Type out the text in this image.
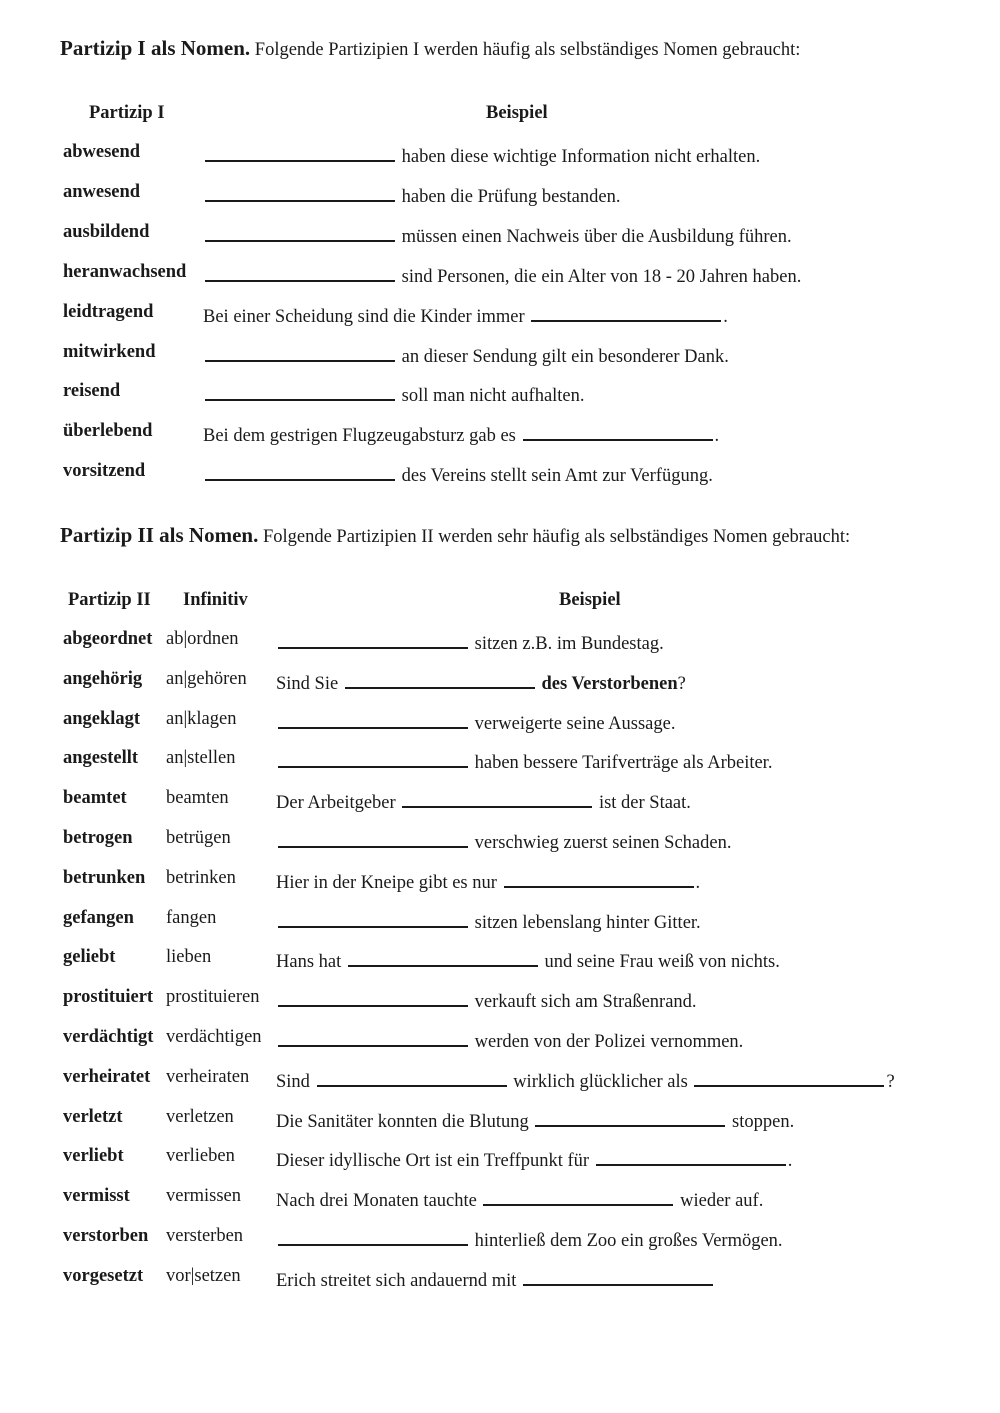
Partizip I als Nomen. Folgende Partizipien I werden häufig als selbständiges Nomen gebraucht:
Partizip I	Beispiel
abwesend	haben diese wichtige Information nicht erhalten.
anwesend	haben die Prüfung bestanden.
ausbildend	müssen einen Nachweis über die Ausbildung führen.
heranwachsend	sind Personen, die ein Alter von 18 - 20 Jahren haben.
leidtragend	Bei einer Scheidung sind die Kinder immer	.
mitwirkend	an dieser Sendung gilt ein besonderer Dank.
reisend	soll man nicht aufhalten.
überlebend	Bei dem gestrigen Flugzeugabsturz gab es	.
vorsitzend	des Vereins stellt sein Amt zur Verfügung.
Partizip II als Nomen. Folgende Partizipien II werden sehr häufig als selbständiges Nomen gebraucht:
Partizip II Infinitiv	Beispiel
abgeordnet ab|ordnen	sitzen z.B. im Bundestag.
angehörig an|gehören Sind Sie	des Verstorbenen?
angeklagt an|klagen	verweigerte seine Aussage.
angestellt an|stellen	haben bessere Tarifverträge als Arbeiter.
beamtet beamten	Der Arbeitgeber	ist der Staat.
betrogen betrügen	verschwieg zuerst seinen Schaden.
betrunken betrinken Hier in der Kneipe gibt es nur	.
gefangen fangen	sitzen lebenslang hinter Gitter.
geliebt	lieben	Hans hat	und seine Frau weiß von nichts.
prostituiert prostituieren	verkauft sich am Straßenrand.
verdächtigt verdächtigen	werden von der Polizei vernommen.
verheiratet verheiraten Sind	wirklich glücklicher als	?
verletzt verletzen Die Sanitäter konnten die Blutung	stoppen.
verliebt verlieben Dieser idyllische Ort ist ein Treffpunkt für	.
vermisst vermissen Nach drei Monaten tauchte	wieder auf.
verstorben versterben	hinterließ dem Zoo ein großes Vermögen.
vorgesetzt vor|setzen Erich streitet sich andauernd mit
